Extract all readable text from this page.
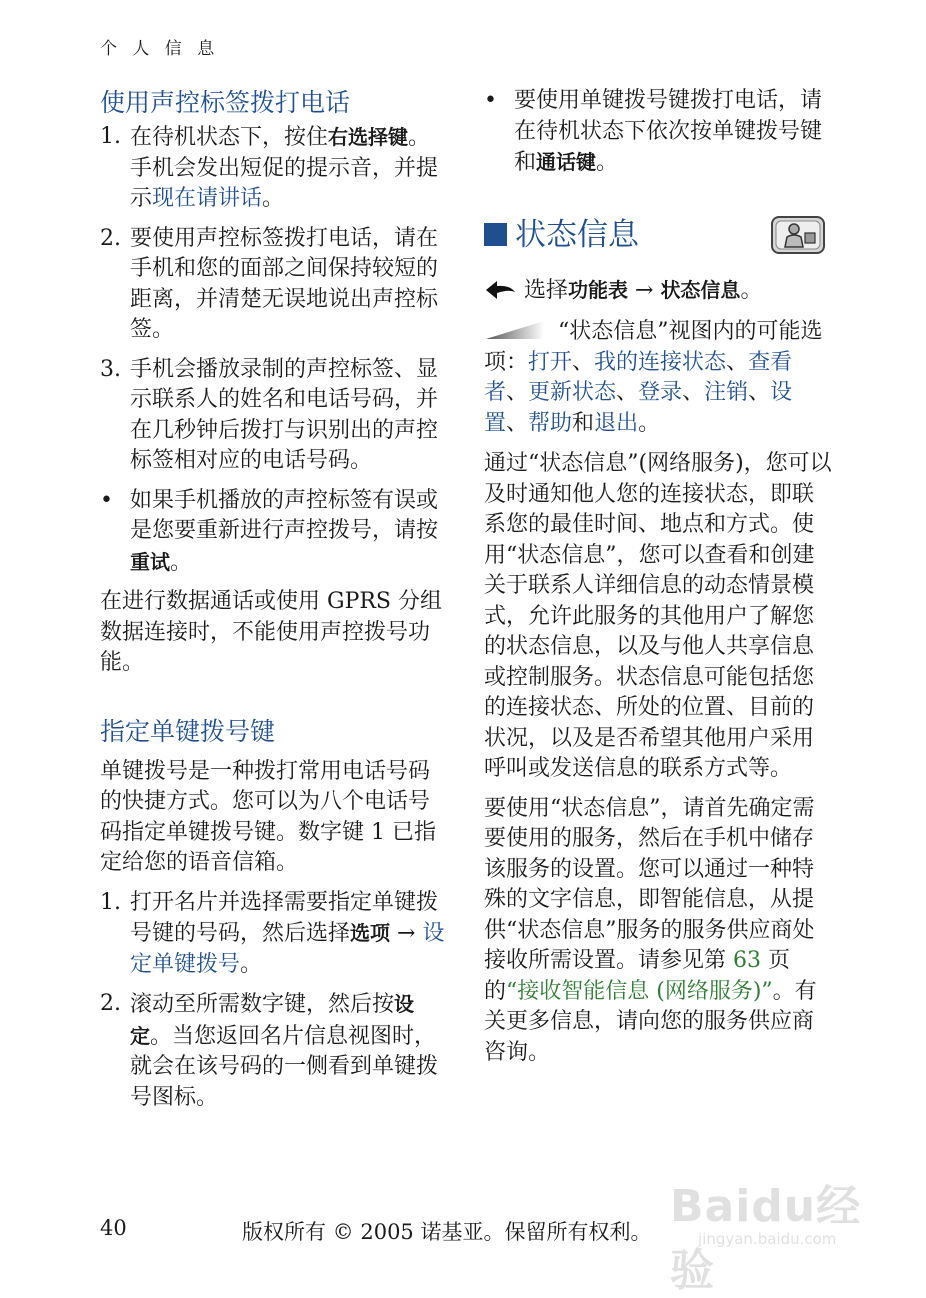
个 人 信 息
使用声控标签拨打电话
1. 在待机状态下，按住右选择键。手机会发出短促的提示音，并提示现在请讲话。
2. 要使用声控标签拨打电话，请在手机和您的面部之间保持较短的距离，并清楚无误地说出声控标签。
3. 手机会播放录制的声控标签、显示联系人的姓名和电话号码，并在几秒钟后拨打与识别出的声控标签相对应的电话号码。
• 如果手机播放的声控标签有误或是您要重新进行声控拨号，请按重试。
在进行数据通话或使用 GPRS 分组数据连接时，不能使用声控拨号功能。
指定单键拨号键
单键拨号是一种拨打常用电话号码的快捷方式。您可以为八个电话号码指定单键拨号键。数字键 1 已指定给您的语音信箱。
1. 打开名片并选择需要指定单键拨号键的号码，然后选择选项 → 设定单键拨号。
2. 滚动至所需数字键，然后按设定。当您返回名片信息视图时，就会在该号码的一侧看到单键拨号图标。
• 要使用单键拨号键拨打电话，请在待机状态下依次按单键拨号键和通话键。
状态信息
选择功能表 → 状态信息。
“状态信息”视图内的可能选项：打开、我的连接状态、查看者、更新状态、登录、注销、设置、帮助和退出。
通过“状态信息”(网络服务)，您可以及时通知他人您的连接状态，即联系您的最佳时间、地点和方式。使用“状态信息”，您可以查看和创建关于联系人详细信息的动态情景模式，允许此服务的其他用户了解您的状态信息，以及与他人共享信息或控制服务。状态信息可能包括您的连接状态、所处的位置、目前的状况，以及是否希望其他用户采用呼叫或发送信息的联系方式等。
要使用“状态信息”，请首先确定需要使用的服务，然后在手机中储存该服务的设置。您可以通过一种特殊的文字信息，即智能信息，从提供“状态信息”服务的服务供应商处接收所需设置。请参见第 63 页的“接收智能信息 (网络服务)”。有关更多信息，请向您的服务供应商咨询。
40	版权所有 © 2005 诺基亚。保留所有权利。 Baidu经验
jingyan.baidu.com
